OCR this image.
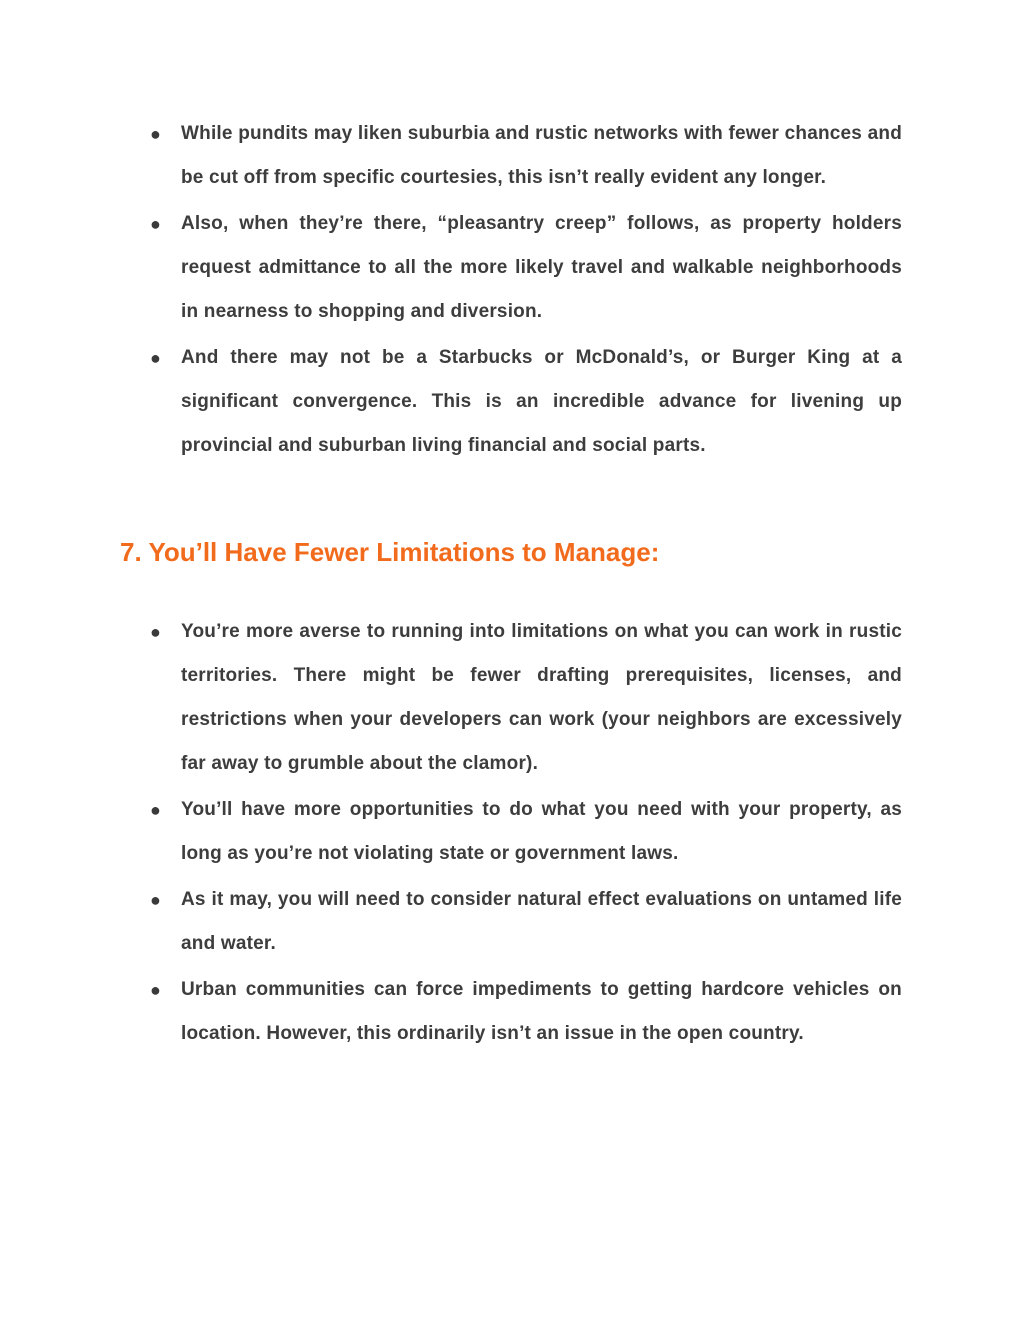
● While pundits may liken suburbia and rustic networks with fewer chances and be cut off from specific courtesies, this isn’t really evident any longer.
● Also, when they’re there, “pleasantry creep” follows, as property holders request admittance to all the more likely travel and walkable neighborhoods in nearness to shopping and diversion.
● And there may not be a Starbucks or McDonald’s, or Burger King at a significant convergence. This is an incredible advance for livening up provincial and suburban living financial and social parts.
7. You’ll Have Fewer Limitations to Manage:
● You’re more averse to running into limitations on what you can work in rustic territories. There might be fewer drafting prerequisites, licenses, and restrictions when your developers can work (your neighbors are excessively far away to grumble about the clamor).
● You’ll have more opportunities to do what you need with your property, as long as you’re not violating state or government laws.
● As it may, you will need to consider natural effect evaluations on untamed life and water.
● Urban communities can force impediments to getting hardcore vehicles on location. However, this ordinarily isn’t an issue in the open country.
